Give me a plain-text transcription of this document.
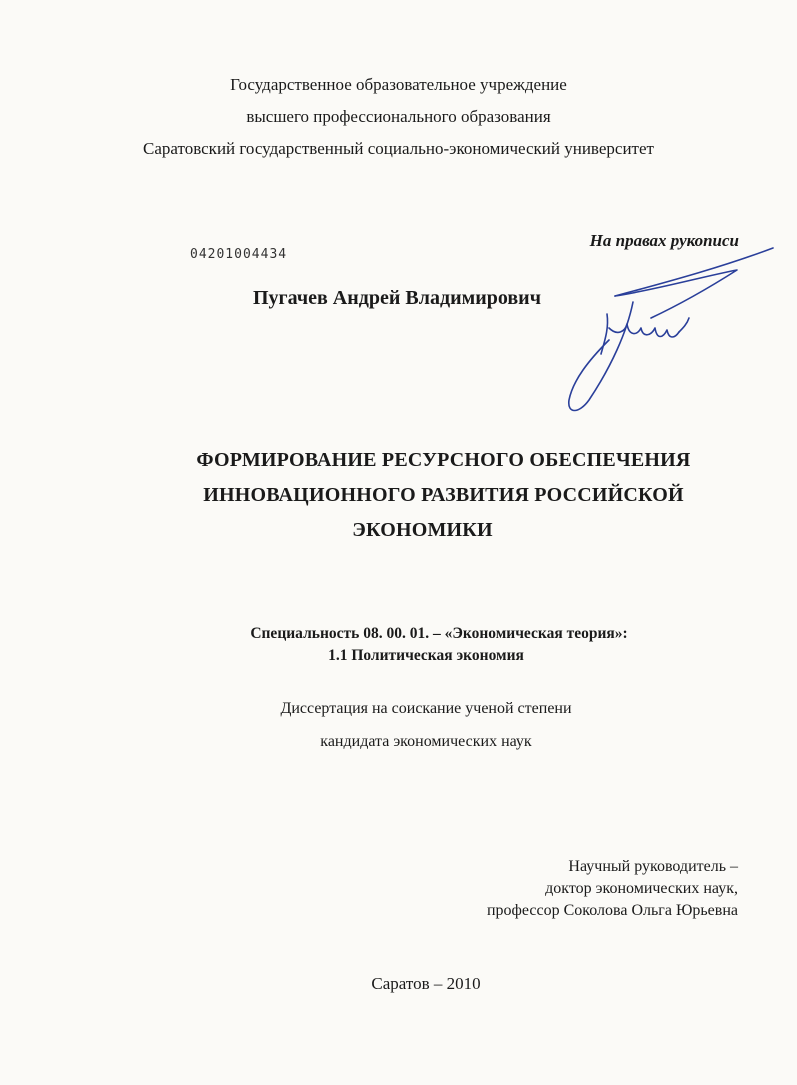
Государственное образовательное учреждение
высшего профессионального образования
Саратовский государственный социально-экономический университет
04201004434
На правах рукописи
Пугачев Андрей Владимирович
ФОРМИРОВАНИЕ РЕСУРСНОГО ОБЕСПЕЧЕНИЯ
ИННОВАЦИОННОГО РАЗВИТИЯ РОССИЙСКОЙ
ЭКОНОМИКИ
Специальность 08. 00. 01. – «Экономическая теория»:
1.1 Политическая экономия
Диссертация на соискание ученой степени
кандидата экономических наук
Научный руководитель –
доктор экономических наук,
профессор Соколова Ольга Юрьевна
Саратов – 2010
